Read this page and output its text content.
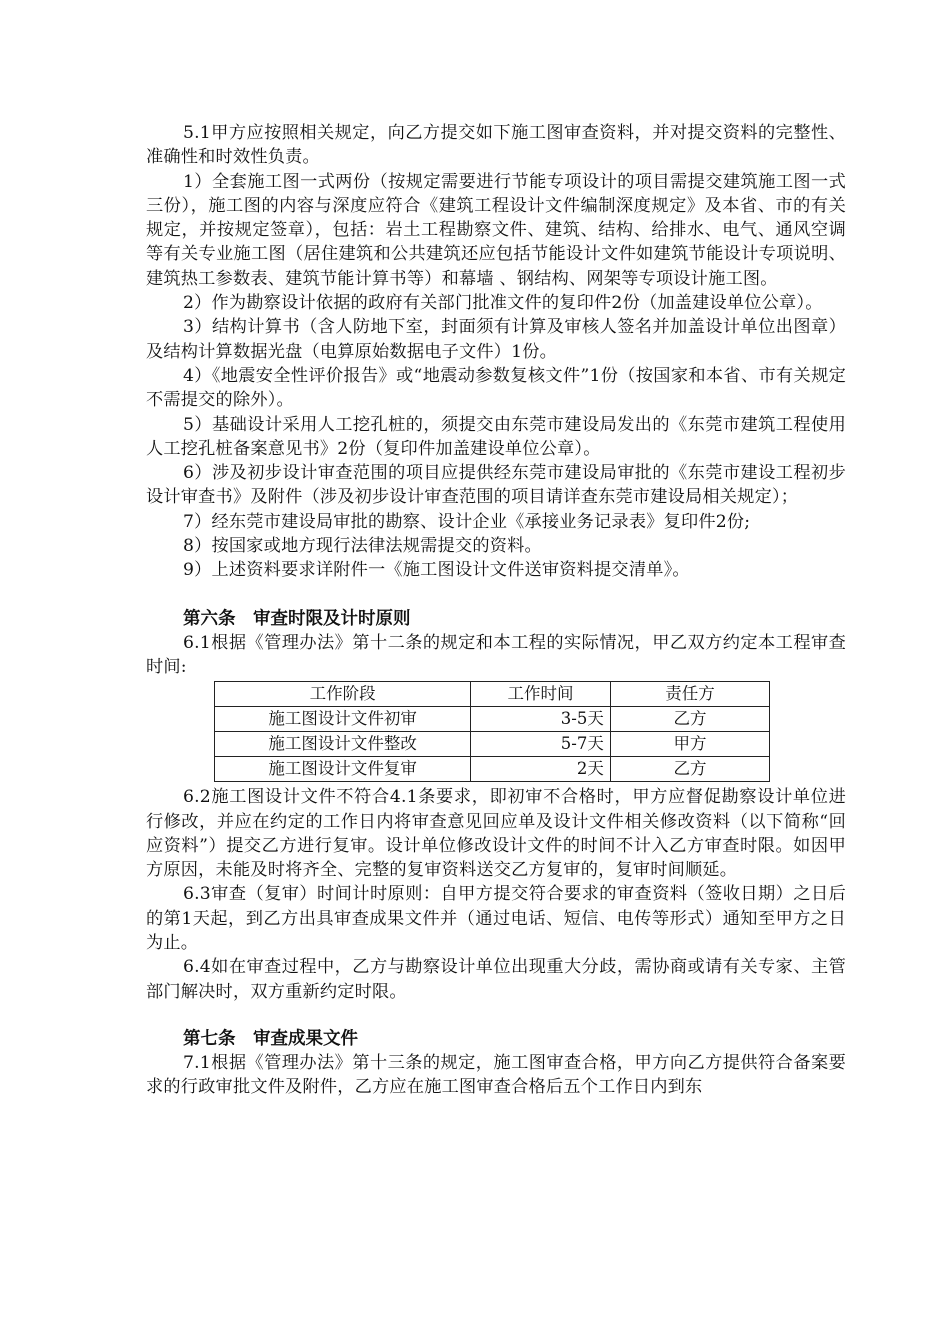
5.1甲方应按照相关规定，向乙方提交如下施工图审查资料，并对提交资料的完整性、准确性和时效性负责。

1）全套施工图一式两份（按规定需要进行节能专项设计的项目需提交建筑施工图一式三份），施工图的内容与深度应符合《建筑工程设计文件编制深度规定》及本省、市的有关规定，并按规定签章），包括：岩土工程勘察文件、建筑、结构、给排水、电气、通风空调等有关专业施工图（居住建筑和公共建筑还应包括节能设计文件如建筑节能设计专项说明、建筑热工参数表、建筑节能计算书等）和幕墙 、钢结构、网架等专项设计施工图。

2）作为勘察设计依据的政府有关部门批准文件的复印件2份（加盖建设单位公章）。

3）结构计算书（含人防地下室，封面须有计算及审核人签名并加盖设计单位出图章）及结构计算数据光盘（电算原始数据电子文件）1份。

4）《地震安全性评价报告》或“地震动参数复核文件”1份（按国家和本省、市有关规定不需提交的除外）。

5）基础设计采用人工挖孔桩的，须提交由东莞市建设局发出的《东莞市建筑工程使用人工挖孔桩备案意见书》2份（复印件加盖建设单位公章）。

6）涉及初步设计审查范围的项目应提供经东莞市建设局审批的《东莞市建设工程初步设计审查书》及附件（涉及初步设计审查范围的项目请详查东莞市建设局相关规定）；

7）经东莞市建设局审批的勘察、设计企业《承接业务记录表》复印件2份;

8）按国家或地方现行法律法规需提交的资料。

9）上述资料要求详附件一《施工图设计文件送审资料提交清单》。

第六条　审查时限及计时原则

6.1根据《管理办法》第十二条的规定和本工程的实际情况，甲乙双方约定本工程审查时间:

工作阶段	工作时间	责任方
施工图设计文件初审	3-5天	乙方
施工图设计文件整改	5-7天	甲方
施工图设计文件复审	2天	乙方

6.2施工图设计文件不符合4.1条要求，即初审不合格时，甲方应督促勘察设计单位进行修改，并应在约定的工作日内将审查意见回应单及设计文件相关修改资料（以下简称“回应资料”）提交乙方进行复审。设计单位修改设计文件的时间不计入乙方审查时限。如因甲方原因，未能及时将齐全、完整的复审资料送交乙方复审的，复审时间顺延。

6.3审查（复审）时间计时原则：自甲方提交符合要求的审查资料（签收日期）之日后的第1天起，到乙方出具审查成果文件并（通过电话、短信、电传等形式）通知至甲方之日为止。

6.4如在审查过程中，乙方与勘察设计单位出现重大分歧，需协商或请有关专家、主管部门解决时，双方重新约定时限。

第七条　审查成果文件

7.1根据《管理办法》第十三条的规定，施工图审查合格，甲方向乙方提供符合备案要求的行政审批文件及附件，乙方应在施工图审查合格后五个工作日内到东
